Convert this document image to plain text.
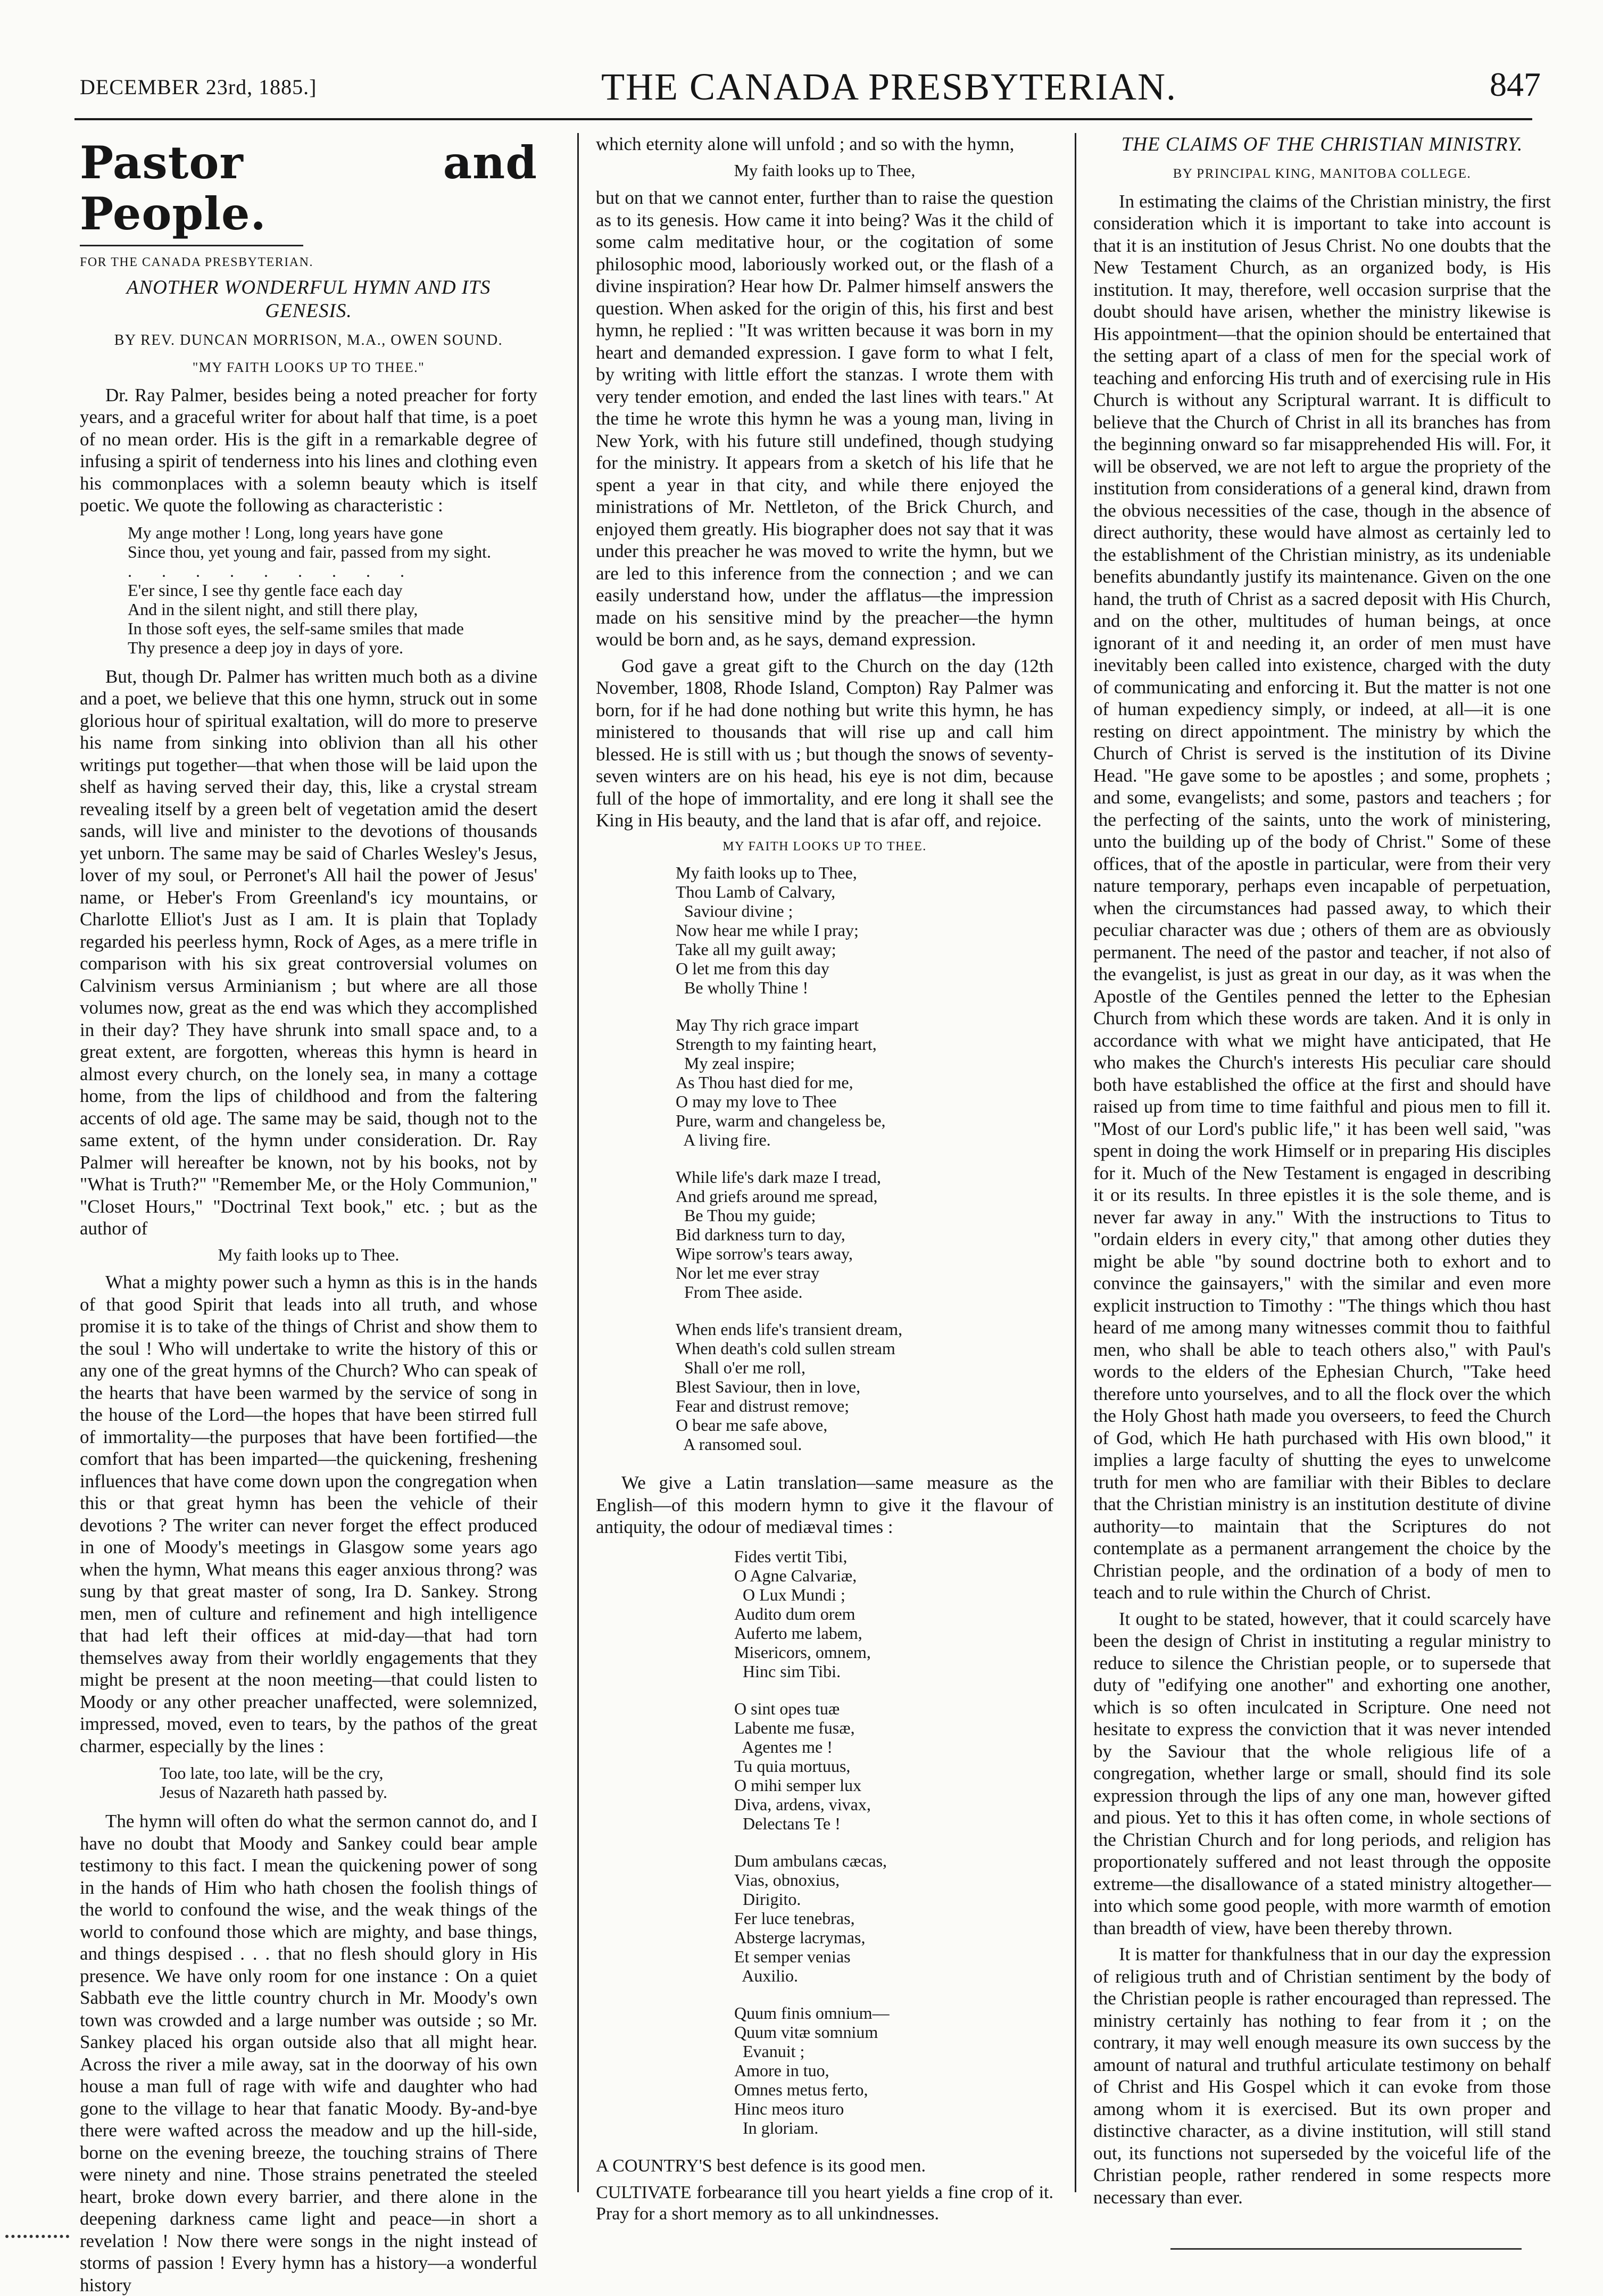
DECEMBER 23rd, 1885.]	THE CANADA PRESBYTERIAN.	847
Pastor and People.
FOR THE CANADA PRESBYTERIAN.
ANOTHER WONDERFUL HYMN AND ITS GENESIS.
BY REV. DUNCAN MORRISON, M.A., OWEN SOUND.
"MY FAITH LOOKS UP TO THEE."

Dr. Ray Palmer, besides being a noted preacher for forty years, and a graceful writer for about half that time, is a poet of no mean order. His is the gift in a remarkable degree of infusing a spirit of tenderness into his lines and clothing even his commonplaces with a solemn beauty which is itself poetic. We quote the following as characteristic :

My ange mother ! Long, long years have gone
Since thou, yet young and fair, passed from my sight.
. . . . . . . . .
E'er since, I see thy gentle face each day
And in the silent night, and still there play,
In those soft eyes, the self-same smiles that made
Thy presence a deep joy in days of yore.

But, though Dr. Palmer has written much both as a divine and a poet, we believe that this one hymn, struck out in some glorious hour of spiritual exaltation, will do more to preserve his name from sinking into oblivion than all his other writings put together—that when those will be laid upon the shelf as having served their day, this, like a crystal stream revealing itself by a green belt of vegetation amid the desert sands, will live and minister to the devotions of thousands yet unborn. The same may be said of Charles Wesley's Jesus, lover of my soul, or Perronet's All hail the power of Jesus' name, or Heber's From Greenland's icy mountains, or Charlotte Elliot's Just as I am. It is plain that Toplady regarded his peerless hymn, Rock of Ages, as a mere trifle in comparison with his six great controversial volumes on Calvinism versus Arminianism ; but where are all those volumes now, great as the end was which they accomplished in their day? They have shrunk into small space and, to a great extent, are forgotten, whereas this hymn is heard in almost every church, on the lonely sea, in many a cottage home, from the lips of childhood and from the faltering accents of old age. The same may be said, though not to the same extent, of the hymn under consideration. Dr. Ray Palmer will hereafter be known, not by his books, not by "What is Truth?" "Remember Me, or the Holy Communion," "Closet Hours," "Doctrinal Text book," etc. ; but as the author of

My faith looks up to Thee.

What a mighty power such a hymn as this is in the hands of that good Spirit that leads into all truth, and whose promise it is to take of the things of Christ and show them to the soul ! Who will undertake to write the history of this or any one of the great hymns of the Church? Who can speak of the hearts that have been warmed by the service of song in the house of the Lord—the hopes that have been stirred full of immortality—the purposes that have been fortified—the comfort that has been imparted—the quickening, freshening influences that have come down upon the congregation when this or that great hymn has been the vehicle of their devotions ? The writer can never forget the effect produced in one of Moody's meetings in Glasgow some years ago when the hymn, What means this eager anxious throng? was sung by that great master of song, Ira D. Sankey. Strong men, men of culture and refinement and high intelligence that had left their offices at mid-day—that had torn themselves away from their worldly engagements that they might be present at the noon meeting—that could listen to Moody or any other preacher unaffected, were solemnized, impressed, moved, even to tears, by the pathos of the great charmer, especially by the lines :

Too late, too late, will be the cry,
Jesus of Nazareth hath passed by.

The hymn will often do what the sermon cannot do, and I have no doubt that Moody and Sankey could bear ample testimony to this fact. I mean the quickening power of song in the hands of Him who hath chosen the foolish things of the world to confound the wise, and the weak things of the world to confound those which are mighty, and base things, and things despised . . . that no flesh should glory in His presence. We have only room for one instance : On a quiet Sabbath eve the little country church in Mr. Moody's own town was crowded and a large number was outside ; so Mr. Sankey placed his organ outside also that all might hear. Across the river a mile away, sat in the doorway of his own house a man full of rage with wife and daughter who had gone to the village to hear that fanatic Moody. By-and-bye there were wafted across the meadow and up the hill-side, borne on the evening breeze, the touching strains of There were ninety and nine. Those strains penetrated the steeled heart, broke down every barrier, and there alone in the deepening darkness came light and peace—in short a revelation ! Now there were songs in the night instead of storms of passion ! Every hymn has a history—a wonderful history

which eternity alone will unfold ; and so with the hymn,

My faith looks up to Thee,

but on that we cannot enter, further than to raise the question as to its genesis. How came it into being? Was it the child of some calm meditative hour, or the cogitation of some philosophic mood, laboriously worked out, or the flash of a divine inspiration? Hear how Dr. Palmer himself answers the question. When asked for the origin of this, his first and best hymn, he replied : "It was written because it was born in my heart and demanded expression. I gave form to what I felt, by writing with little effort the stanzas. I wrote them with very tender emotion, and ended the last lines with tears." At the time he wrote this hymn he was a young man, living in New York, with his future still undefined, though studying for the ministry. It appears from a sketch of his life that he spent a year in that city, and while there enjoyed the ministrations of Mr. Nettleton, of the Brick Church, and enjoyed them greatly. His biographer does not say that it was under this preacher he was moved to write the hymn, but we are led to this inference from the connection ; and we can easily understand how, under the afflatus—the impression made on his sensitive mind by the preacher—the hymn would be born and, as he says, demand expression.

God gave a great gift to the Church on the day (12th November, 1808, Rhode Island, Compton) Ray Palmer was born, for if he had done nothing but write this hymn, he has ministered to thousands that will rise up and call him blessed. He is still with us ; but though the snows of seventy-seven winters are on his head, his eye is not dim, because full of the hope of immortality, and ere long it shall see the King in His beauty, and the land that is afar off, and rejoice.

MY FAITH LOOKS UP TO THEE.
My faith looks up to Thee,
Thou Lamb of Calvary,
Saviour divine ;
Now hear me while I pray;
Take all my guilt away;
O let me from this day
Be wholly Thine !
May Thy rich grace impart
Strength to my fainting heart,
My zeal inspire;
As Thou hast died for me,
O may my love to Thee
Pure, warm and changeless be,
A living fire.
While life's dark maze I tread,
And griefs around me spread,
Be Thou my guide;
Bid darkness turn to day,
Wipe sorrow's tears away,
Nor let me ever stray
From Thee aside.
When ends life's transient dream,
When death's cold sullen stream
Shall o'er me roll,
Blest Saviour, then in love,
Fear and distrust remove;
O bear me safe above,
A ransomed soul.

We give a Latin translation—same measure as the English—of this modern hymn to give it the flavour of antiquity, the odour of mediæval times :

Fides vertit Tibi,
O Agne Calvariæ,
O Lux Mundi ;
Audito dum orem
Auferto me labem,
Misericors, omnem,
Hinc sim Tibi.
O sint opes tuæ
Labente me fusæ,
Agentes me !
Tu quia mortuus,
O mihi semper lux
Diva, ardens, vivax,
Delectans Te !
Dum ambulans cæcas,
Vias, obnoxius,
Dirigito.
Fer luce tenebras,
Absterge lacrymas,
Et semper venias
Auxilio.
Quum finis omnium—
Quum vitæ somnium
Evanuit ;
Amore in tuo,
Omnes metus ferto,
Hinc meos ituro
In gloriam.
A COUNTRY'S best defence is its good men.
CULTIVATE forbearance till you heart yields a fine crop of it. Pray for a short memory as to all unkindnesses.
THE CLAIMS OF THE CHRISTIAN MINISTRY.
BY PRINCIPAL KING, MANITOBA COLLEGE.

In estimating the claims of the Christian ministry, the first consideration which it is important to take into account is that it is an institution of Jesus Christ. No one doubts that the New Testament Church, as an organized body, is His institution. It may, therefore, well occasion surprise that the doubt should have arisen, whether the ministry likewise is His appointment—that the opinion should be entertained that the setting apart of a class of men for the special work of teaching and enforcing His truth and of exercising rule in His Church is without any Scriptural warrant. It is difficult to believe that the Church of Christ in all its branches has from the beginning onward so far misapprehended His will. For, it will be observed, we are not left to argue the propriety of the institution from considerations of a general kind, drawn from the obvious necessities of the case, though in the absence of direct authority, these would have almost as certainly led to the establishment of the Christian ministry, as its undeniable benefits abundantly justify its maintenance. Given on the one hand, the truth of Christ as a sacred deposit with His Church, and on the other, multitudes of human beings, at once ignorant of it and needing it, an order of men must have inevitably been called into existence, charged with the duty of communicating and enforcing it. But the matter is not one of human expediency simply, or indeed, at all—it is one resting on direct appointment. The ministry by which the Church of Christ is served is the institution of its Divine Head. "He gave some to be apostles ; and some, prophets ; and some, evangelists; and some, pastors and teachers ; for the perfecting of the saints, unto the work of ministering, unto the building up of the body of Christ." Some of these offices, that of the apostle in particular, were from their very nature temporary, perhaps even incapable of perpetuation, when the circumstances had passed away, to which their peculiar character was due ; others of them are as obviously permanent. The need of the pastor and teacher, if not also of the evangelist, is just as great in our day, as it was when the Apostle of the Gentiles penned the letter to the Ephesian Church from which these words are taken. And it is only in accordance with what we might have anticipated, that He who makes the Church's interests His peculiar care should both have established the office at the first and should have raised up from time to time faithful and pious men to fill it. "Most of our Lord's public life," it has been well said, "was spent in doing the work Himself or in preparing His disciples for it. Much of the New Testament is engaged in describing it or its results. In three epistles it is the sole theme, and is never far away in any." With the instructions to Titus to "ordain elders in every city," that among other duties they might be able "by sound doctrine both to exhort and to convince the gainsayers," with the similar and even more explicit instruction to Timothy : "The things which thou hast heard of me among many witnesses commit thou to faithful men, who shall be able to teach others also," with Paul's words to the elders of the Ephesian Church, "Take heed therefore unto yourselves, and to all the flock over the which the Holy Ghost hath made you overseers, to feed the Church of God, which He hath purchased with His own blood," it implies a large faculty of shutting the eyes to unwelcome truth for men who are familiar with their Bibles to declare that the Christian ministry is an institution destitute of divine authority—to maintain that the Scriptures do not contemplate as a permanent arrangement the choice by the Christian people, and the ordination of a body of men to teach and to rule within the Church of Christ.

It ought to be stated, however, that it could scarcely have been the design of Christ in instituting a regular ministry to reduce to silence the Christian people, or to supersede that duty of "edifying one another" and exhorting one another, which is so often inculcated in Scripture. One need not hesitate to express the conviction that it was never intended by the Saviour that the whole religious life of a congregation, whether large or small, should find its sole expression through the lips of any one man, however gifted and pious. Yet to this it has often come, in whole sections of the Christian Church and for long periods, and religion has proportionately suffered and not least through the opposite extreme—the disallowance of a stated ministry altogether—into which some good people, with more warmth of emotion than breadth of view, have been thereby thrown.

It is matter for thankfulness that in our day the expression of religious truth and of Christian sentiment by the body of the Christian people is rather encouraged than repressed. The ministry certainly has nothing to fear from it ; on the contrary, it may well enough measure its own success by the amount of natural and truthful articulate testimony on behalf of Christ and His Gospel which it can evoke from those among whom it is exercised. But its own proper and distinctive character, as a divine institution, will still stand out, its functions not superseded by the voiceful life of the Christian people, rather rendered in some respects more necessary than ever.
